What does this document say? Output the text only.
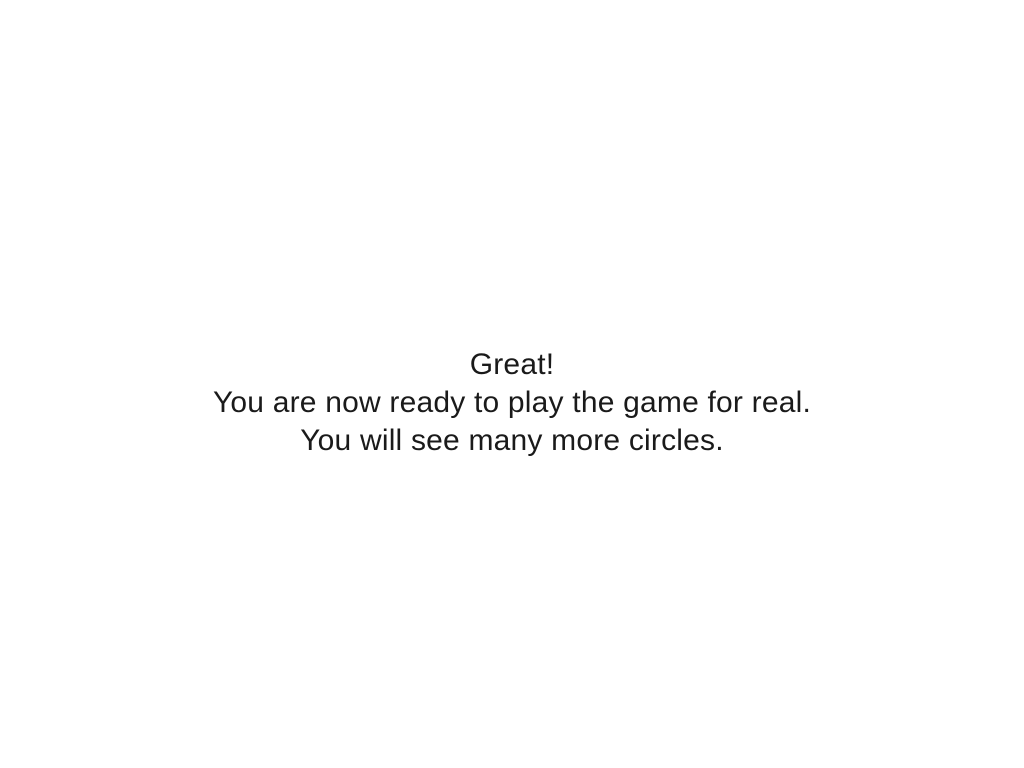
Great!
You are now ready to play the game for real.
You will see many more circles.
